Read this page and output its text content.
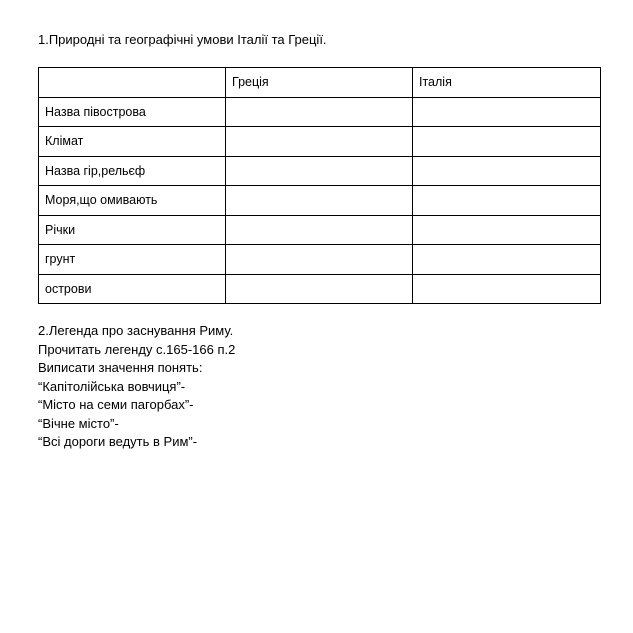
1.Природні та географічні умови Італії та Греції.
	Греція	Італія
Назва півострова		
Клімат		
Назва гір,рельєф		
Моря,що омивають		
Річки		
грунт		
острови		
2.Легенда про заснування Риму.
Прочитать легенду с.165-166 п.2
Виписати значення понять:
“Капітолійська вовчиця”-
“Місто на семи пагорбах”-
“Вічне місто”-
“Всі дороги ведуть в Рим”-
